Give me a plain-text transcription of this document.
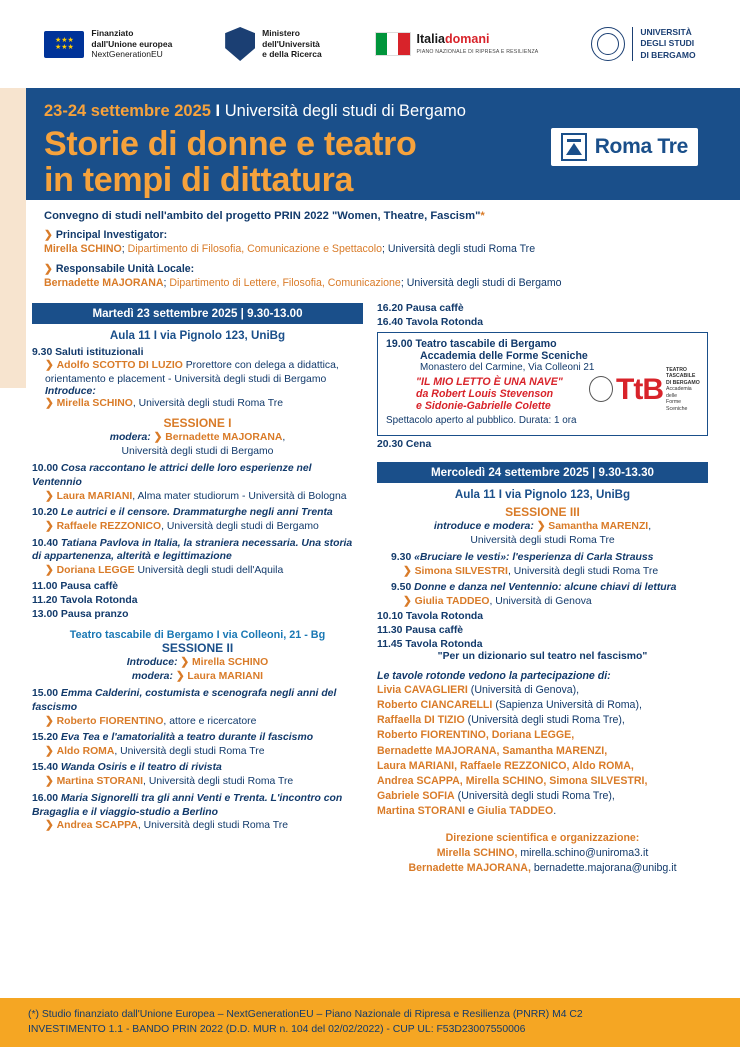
★★★
★★★
Finanziato
dall'Unione europea
NextGenerationEU
Ministero
dell'Università
e della Ricerca
Italiadomani
PIANO NAZIONALE DI RIPRESA E RESILIENZA
UNIVERSITÀ
DEGLI STUDI
DI BERGAMO
23-24 settembre 2025 I Università degli studi di Bergamo
Storie di donne e teatro
in tempi di dittatura
Roma Tre
Convegno di studi nell'ambito del progetto PRIN 2022 "Women, Theatre, Fascism"*
❯ Principal Investigator:
Mirella SCHINO; Dipartimento di Filosofia, Comunicazione e Spettacolo; Università degli studi Roma Tre
❯ Responsabile Unità Locale:
Bernadette MAJORANA; Dipartimento di Lettere, Filosofia, Comunicazione; Università degli studi di Bergamo
Martedì 23 settembre 2025 | 9.30-13.00
Aula 11 I via Pignolo 123, UniBg
9.30 Saluti istituzionali
❯ Adolfo SCOTTO DI LUZIO Prorettore con delega a didattica, orientamento e placement - Università degli studi di Bergamo
Introduce:
❯ Mirella SCHINO, Università degli studi Roma Tre
SESSIONE I
modera: ❯ Bernadette MAJORANA,
Università degli studi di Bergamo
10.00 Cosa raccontano le attrici delle loro esperienze nel Ventennio
❯ Laura MARIANI, Alma mater studiorum - Università di Bologna
10.20 Le autrici e il censore. Drammaturghe negli anni Trenta
❯ Raffaele REZZONICO, Università degli studi di Bergamo
10.40 Tatiana Pavlova in Italia, la straniera necessaria. Una storia di appartenenza, alterità e legittimazione
❯ Doriana LEGGE Università degli studi dell'Aquila
11.00 Pausa caffè
11.20 Tavola Rotonda
13.00 Pausa pranzo
Teatro tascabile di Bergamo I via Colleoni, 21 - Bg
SESSIONE II
Introduce: ❯ Mirella SCHINO
modera: ❯ Laura MARIANI
15.00 Emma Calderini, costumista e scenografa negli anni del fascismo
❯ Roberto FIORENTINO, attore e ricercatore
15.20 Eva Tea e l'amatorialità a teatro durante il fascismo
❯ Aldo ROMA, Università degli studi Roma Tre
15.40 Wanda Osiris e il teatro di rivista
❯ Martina STORANI, Università degli studi Roma Tre
16.00 Maria Signorelli tra gli anni Venti e Trenta. L'incontro con Bragaglia e il viaggio-studio a Berlino
❯ Andrea SCAPPA, Università degli studi Roma Tre
16.20 Pausa caffè
16.40 Tavola Rotonda
19.00 Teatro tascabile di Bergamo
Accademia delle Forme Sceniche
Monastero del Carmine, Via Colleoni 21
"IL MIO LETTO È UNA NAVE"
da Robert Louis Stevenson
e Sidonie-Gabrielle Colette
Spettacolo aperto al pubblico. Durata: 1 ora
TtB
TEATRO
TASCABILE
DI BERGAMO
Accademia delle
Forme Sceniche
20.30 Cena
Mercoledì 24 settembre 2025 | 9.30-13.30
Aula 11 I via Pignolo 123, UniBg
SESSIONE III
introduce e modera: ❯ Samantha MARENZI,
Università degli studi Roma Tre
9.30 «Bruciare le vesti»: l'esperienza di Carla Strauss
❯ Simona SILVESTRI, Università degli studi Roma Tre
9.50 Donne e danza nel Ventennio: alcune chiavi di lettura
❯ Giulia TADDEO, Università di Genova
10.10 Tavola Rotonda
11.30 Pausa caffè
11.45 Tavola Rotonda
"Per un dizionario sul teatro nel fascismo"
Le tavole rotonde vedono la partecipazione di:
Livia CAVAGLIERI (Università di Genova),
Roberto CIANCARELLI (Sapienza Università di Roma),
Raffaella DI TIZIO (Università degli studi Roma Tre),
Roberto FIORENTINO, Doriana LEGGE,
Bernadette MAJORANA, Samantha MARENZI,
Laura MARIANI, Raffaele REZZONICO, Aldo ROMA,
Andrea SCAPPA, Mirella SCHINO, Simona SILVESTRI,
Gabriele SOFIA (Università degli studi Roma Tre),
Martina STORANI e Giulia TADDEO.
Direzione scientifica e organizzazione:
Mirella SCHINO, mirella.schino@uniroma3.it
Bernadette MAJORANA, bernadette.majorana@unibg.it
(*) Studio finanziato dall'Unione Europea – NextGenerationEU – Piano Nazionale di Ripresa e Resilienza (PNRR) M4 C2
INVESTIMENTO 1.1 - BANDO PRIN 2022 (D.D. MUR n. 104 del 02/02/2022) - CUP UL: F53D23007550006
